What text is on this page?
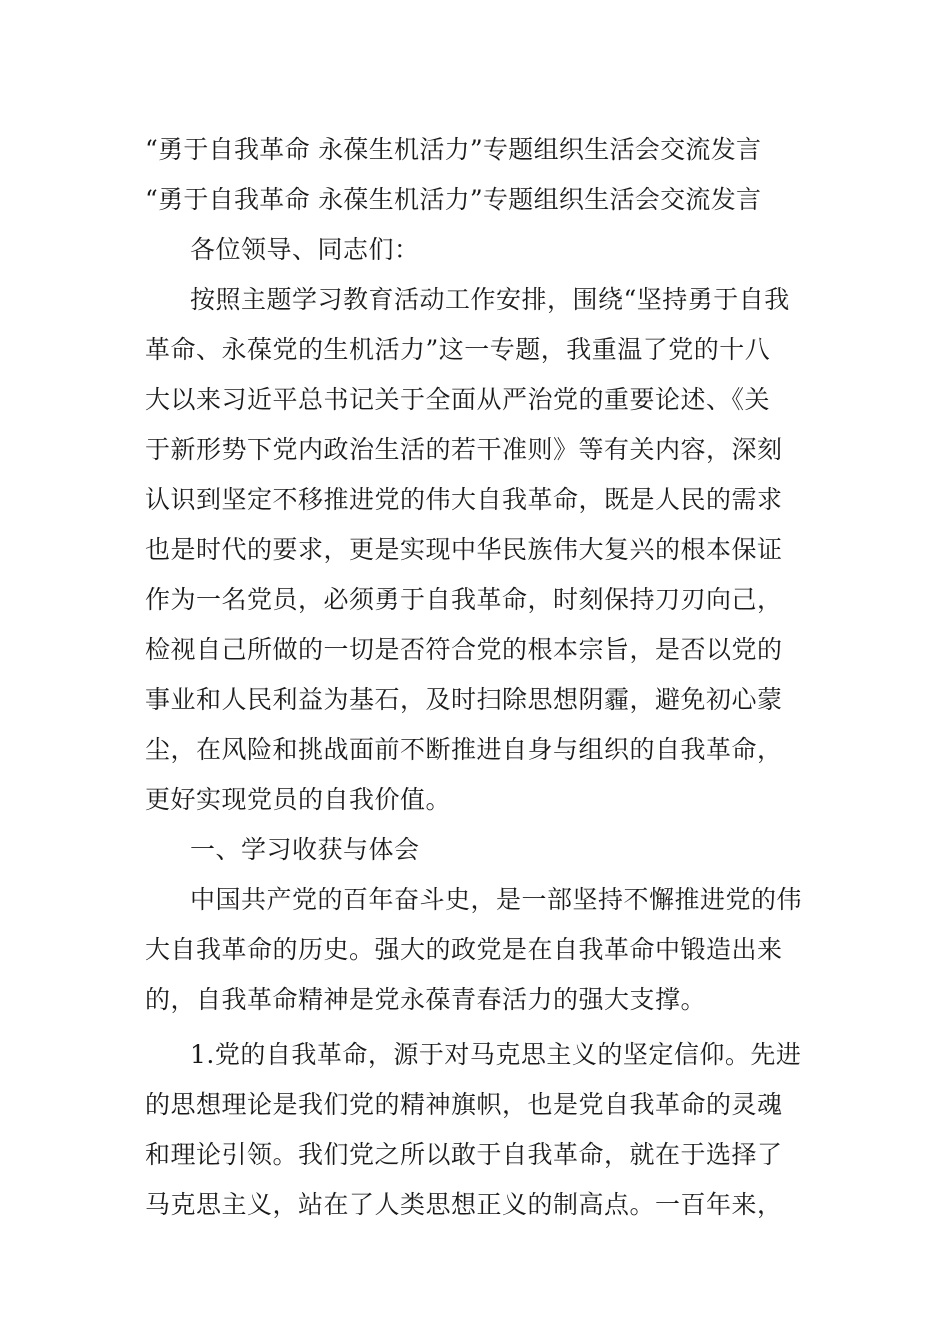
“勇于自我革命 永葆生机活力”专题组织生活会交流发言
“勇于自我革命 永葆生机活力”专题组织生活会交流发言
各位领导、同志们：
按照主题学习教育活动工作安排，围绕“坚持勇于自我
革命、永葆党的生机活力”这一专题，我重温了党的十八
大以来习近平总书记关于全面从严治党的重要论述、《关
于新形势下党内政治生活的若干准则》等有关内容，深刻
认识到坚定不移推进党的伟大自我革命，既是人民的需求
也是时代的要求，更是实现中华民族伟大复兴的根本保证
作为一名党员，必须勇于自我革命，时刻保持刀刃向己，
检视自己所做的一切是否符合党的根本宗旨，是否以党的
事业和人民利益为基石，及时扫除思想阴霾，避免初心蒙
尘，在风险和挑战面前不断推进自身与组织的自我革命，
更好实现党员的自我价值。
一、学习收获与体会
中国共产党的百年奋斗史，是一部坚持不懈推进党的伟
大自我革命的历史。强大的政党是在自我革命中锻造出来
的，自我革命精神是党永葆青春活力的强大支撑。
1.党的自我革命，源于对马克思主义的坚定信仰。先进
的思想理论是我们党的精神旗帜，也是党自我革命的灵魂
和理论引领。我们党之所以敢于自我革命，就在于选择了
马克思主义，站在了人类思想正义的制高点。一百年来，
